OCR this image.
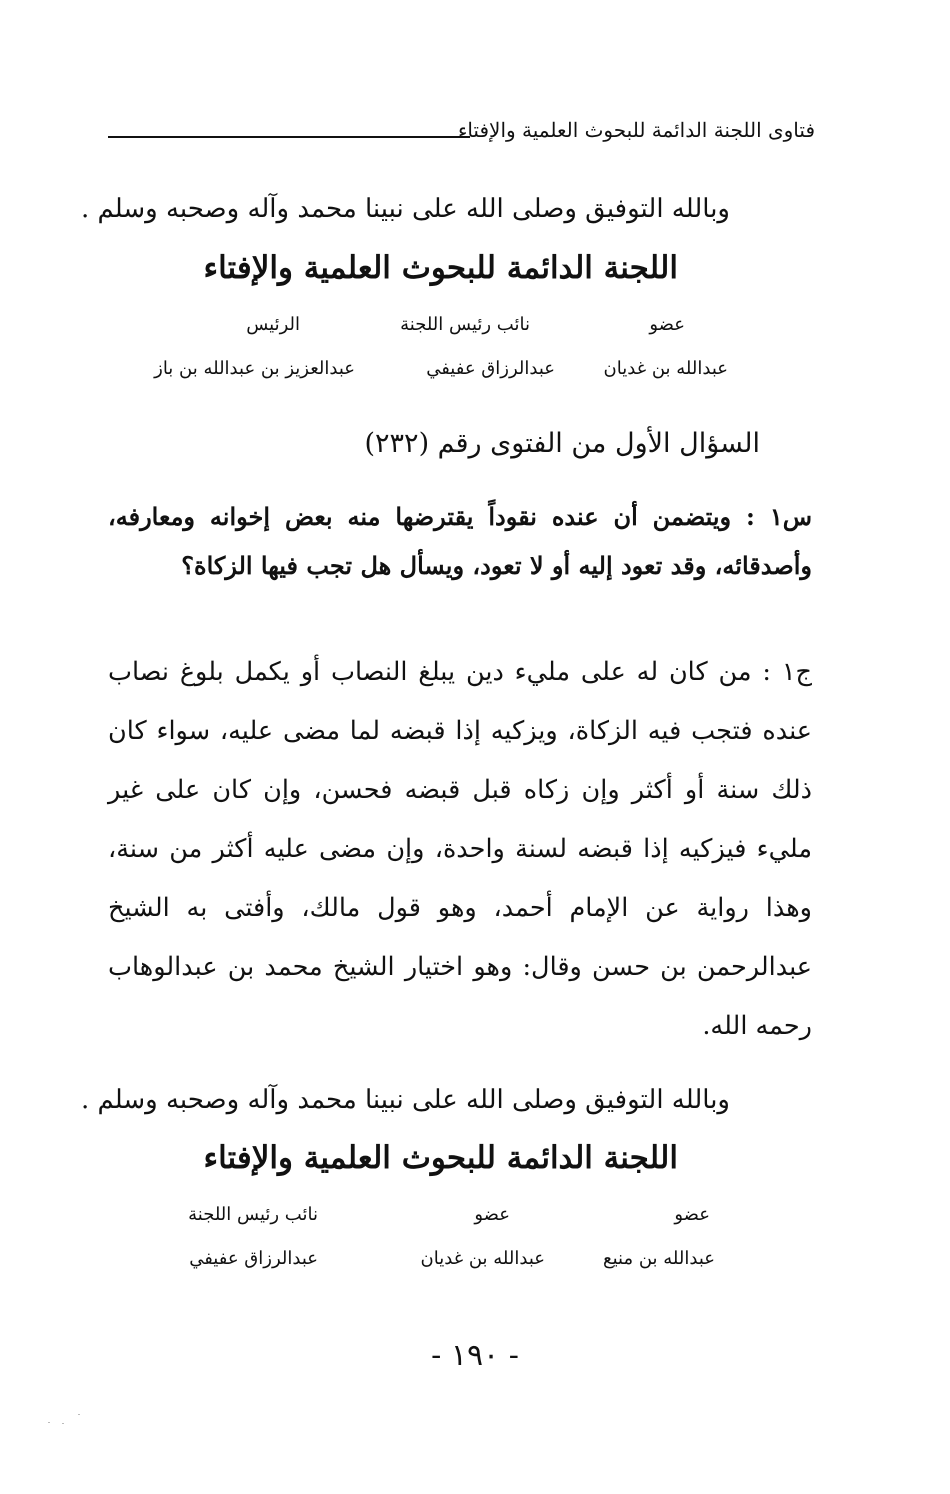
فتاوى اللجنة الدائمة للبحوث العلمية والإفتاء
وبالله التوفيق وصلى الله على نبينا محمد وآله وصحبه وسلم .
اللجنة الدائمة للبحوث العلمية والإفتاء
عضو
نائب رئيس اللجنة
الرئيس
عبدالله بن غديان
عبدالرزاق عفيفي
عبدالعزيز بن عبدالله بن باز
السؤال الأول من الفتوى رقم (٢٣٢)
س١ : ويتضمن أن عنده نقوداً يقترضها منه بعض إخوانه ومعارفه، وأصدقائه، وقد تعود إليه أو لا تعود، ويسأل هل تجب فيها الزكاة؟
ج١ : من كان له على مليء دين يبلغ النصاب أو يكمل بلوغ نصاب عنده فتجب فيه الزكاة، ويزكيه إذا قبضه لما مضى عليه، سواء كان ذلك سنة أو أكثر وإن زكاه قبل قبضه فحسن، وإن كان على غير مليء فيزكيه إذا قبضه لسنة واحدة، وإن مضى عليه أكثر من سنة، وهذا رواية عن الإمام أحمد، وهو قول مالك، وأفتى به الشيخ عبدالرحمن بن حسن وقال: وهو اختيار الشيخ محمد بن عبدالوهاب رحمه الله.
وبالله التوفيق وصلى الله على نبينا محمد وآله وصحبه وسلم .
اللجنة الدائمة للبحوث العلمية والإفتاء
عضو
عضو
نائب رئيس اللجنة
عبدالله بن منيع
عبدالله بن غديان
عبدالرزاق عفيفي
- ١٩٠ -
